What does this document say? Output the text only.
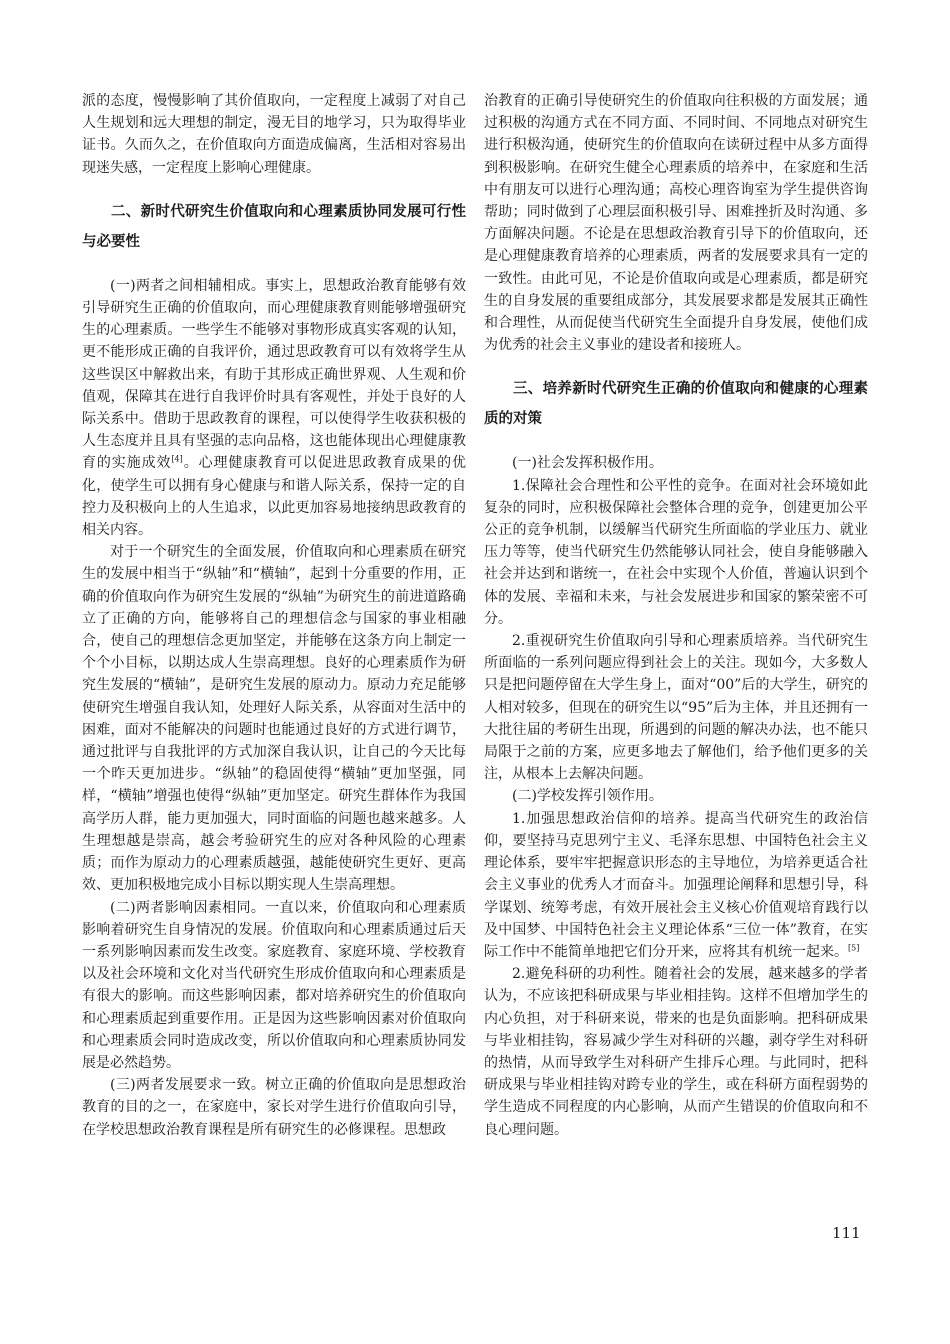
派的态度，慢慢影响了其价值取向，一定程度上减弱了对自己人生规划和远大理想的制定，漫无目的地学习，只为取得毕业证书。久而久之，在价值取向方面造成偏离，生活相对容易出现迷失感，一定程度上影响心理健康。

二、新时代研究生价值取向和心理素质协同发展可行性与必要性

(一)两者之间相辅相成。事实上，思想政治教育能够有效引导研究生正确的价值取向，而心理健康教育则能够增强研究生的心理素质。一些学生不能够对事物形成真实客观的认知，更不能形成正确的自我评价，通过思政教育可以有效将学生从这些误区中解救出来，有助于其形成正确世界观、人生观和价值观，保障其在进行自我评价时具有客观性，并处于良好的人际关系中。借助于思政教育的课程，可以使得学生收获积极的人生态度并且具有坚强的志向品格，这也能体现出心理健康教育的实施成效[4]。心理健康教育可以促进思政教育成果的优化，使学生可以拥有身心健康与和谐人际关系，保持一定的自控力及积极向上的人生追求，以此更加容易地接纳思政教育的相关内容。

对于一个研究生的全面发展，价值取向和心理素质在研究生的发展中相当于“纵轴”和“横轴”，起到十分重要的作用，正确的价值取向作为研究生发展的“纵轴”为研究生的前进道路确立了正确的方向，能够将自己的理想信念与国家的事业相融合，使自己的理想信念更加坚定，并能够在这条方向上制定一个个小目标，以期达成人生崇高理想。良好的心理素质作为研究生发展的“横轴”，是研究生发展的原动力。原动力充足能够使研究生增强自我认知，处理好人际关系，从容面对生活中的困难，面对不能解决的问题时也能通过良好的方式进行调节，通过批评与自我批评的方式加深自我认识，让自己的今天比每一个昨天更加进步。“纵轴”的稳固使得“横轴”更加坚强，同样，“横轴”增强也使得“纵轴”更加坚定。研究生群体作为我国高学历人群，能力更加强大，同时面临的问题也越来越多。人生理想越是崇高，越会考验研究生的应对各种风险的心理素质；而作为原动力的心理素质越强，越能使研究生更好、更高效、更加积极地完成小目标以期实现人生崇高理想。

(二)两者影响因素相同。一直以来，价值取向和心理素质影响着研究生自身情况的发展。价值取向和心理素质通过后天一系列影响因素而发生改变。家庭教育、家庭环境、学校教育以及社会环境和文化对当代研究生形成价值取向和心理素质是有很大的影响。而这些影响因素，都对培养研究生的价值取向和心理素质起到重要作用。正是因为这些影响因素对价值取向和心理素质会同时造成改变，所以价值取向和心理素质协同发展是必然趋势。

(三)两者发展要求一致。树立正确的价值取向是思想政治教育的目的之一，在家庭中，家长对学生进行价值取向引导，在学校思想政治教育课程是所有研究生的必修课程。思想政

治教育的正确引导使研究生的价值取向往积极的方面发展；通过积极的沟通方式在不同方面、不同时间、不同地点对研究生进行积极沟通，使研究生的价值取向在读研过程中从多方面得到积极影响。在研究生健全心理素质的培养中，在家庭和生活中有朋友可以进行心理沟通；高校心理咨询室为学生提供咨询帮助；同时做到了心理层面积极引导、困难挫折及时沟通、多方面解决问题。不论是在思想政治教育引导下的价值取向，还是心理健康教育培养的心理素质，两者的发展要求具有一定的一致性。由此可见，不论是价值取向或是心理素质，都是研究生的自身发展的重要组成部分，其发展要求都是发展其正确性和合理性，从而促使当代研究生全面提升自身发展，使他们成为优秀的社会主义事业的建设者和接班人。

三、培养新时代研究生正确的价值取向和健康的心理素质的对策

(一)社会发挥积极作用。

1.保障社会合理性和公平性的竞争。在面对社会环境如此复杂的同时，应积极保障社会整体合理的竞争，创建更加公平公正的竞争机制，以缓解当代研究生所面临的学业压力、就业压力等等，使当代研究生仍然能够认同社会，使自身能够融入社会并达到和谐统一，在社会中实现个人价值，普遍认识到个体的发展、幸福和未来，与社会发展进步和国家的繁荣密不可分。

2.重视研究生价值取向引导和心理素质培养。当代研究生所面临的一系列问题应得到社会上的关注。现如今，大多数人只是把问题停留在大学生身上，面对“00”后的大学生，研究的人相对较多，但现在的研究生以“95”后为主体，并且还拥有一大批往届的考研生出现，所遇到的问题的解决办法，也不能只局限于之前的方案，应更多地去了解他们，给予他们更多的关注，从根本上去解决问题。

(二)学校发挥引领作用。

1.加强思想政治信仰的培养。提高当代研究生的政治信仰，要坚持马克思列宁主义、毛泽东思想、中国特色社会主义理论体系，要牢牢把握意识形态的主导地位，为培养更适合社会主义事业的优秀人才而奋斗。加强理论阐释和思想引导，科学谋划、统筹考虑，有效开展社会主义核心价值观培育践行以及中国梦、中国特色社会主义理论体系“三位一体”教育，在实际工作中不能简单地把它们分开来，应将其有机统一起来。[5]

2.避免科研的功利性。随着社会的发展，越来越多的学者认为，不应该把科研成果与毕业相挂钩。这样不但增加学生的内心负担，对于科研来说，带来的也是负面影响。把科研成果与毕业相挂钩，容易减少学生对科研的兴趣，剥夺学生对科研的热情，从而导致学生对科研产生排斥心理。与此同时，把科研成果与毕业相挂钩对跨专业的学生，或在科研方面程弱势的学生造成不同程度的内心影响，从而产生错误的价值取向和不良心理问题。

111
